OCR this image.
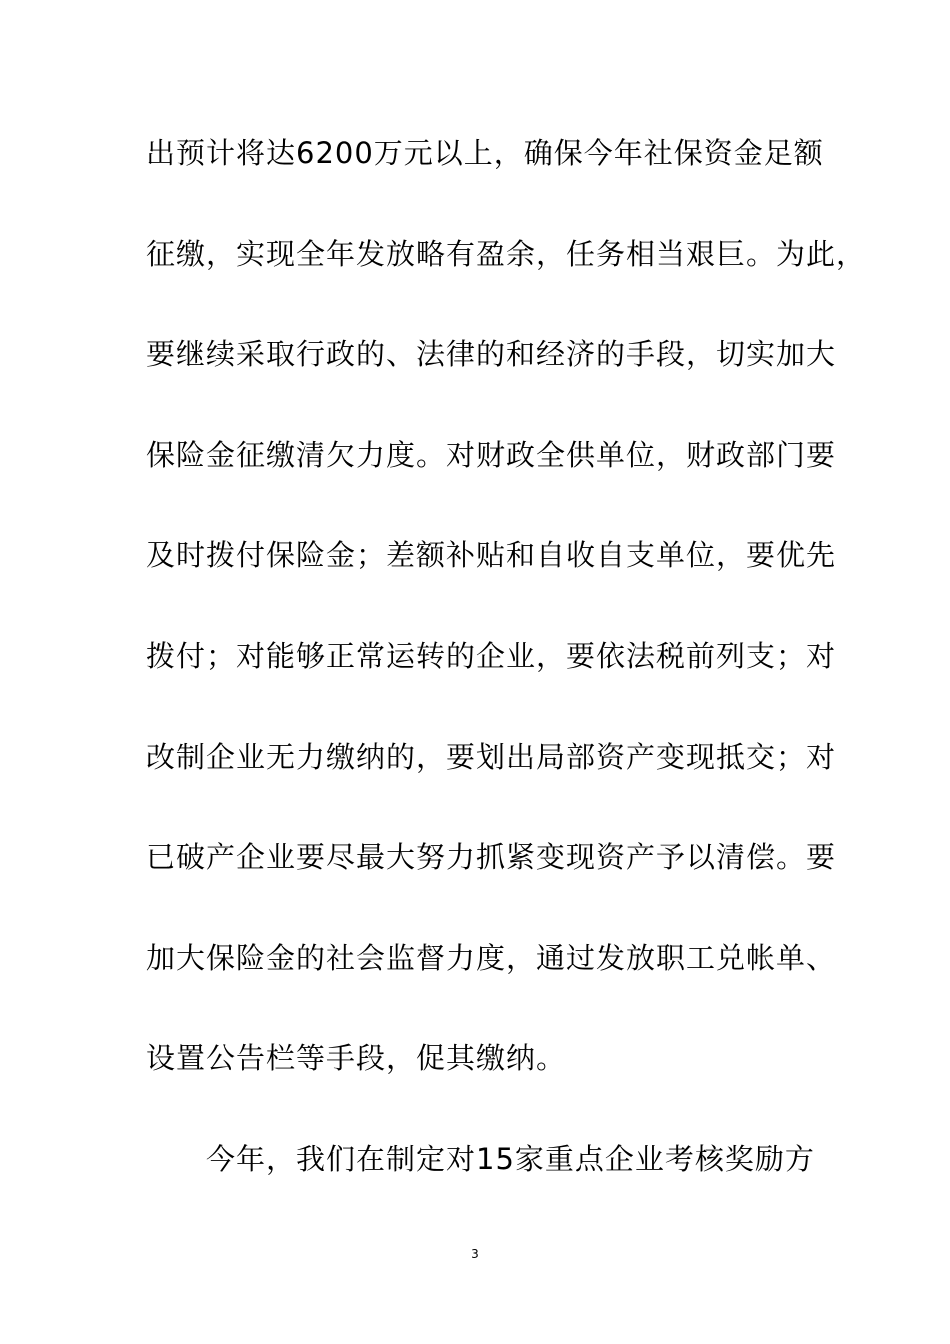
出预计将达6200万元以上，确保今年社保资金足额
征缴，实现全年发放略有盈余，任务相当艰巨。为此，
要继续采取行政的、法律的和经济的手段，切实加大
保险金征缴清欠力度。对财政全供单位，财政部门要
及时拨付保险金；差额补贴和自收自支单位，要优先
拨付；对能够正常运转的企业，要依法税前列支；对
改制企业无力缴纳的，要划出局部资产变现抵交；对
已破产企业要尽最大努力抓紧变现资产予以清偿。要
加大保险金的社会监督力度，通过发放职工兑帐单、
设置公告栏等手段，促其缴纳。
今年，我们在制定对15家重点企业考核奖励方
3
